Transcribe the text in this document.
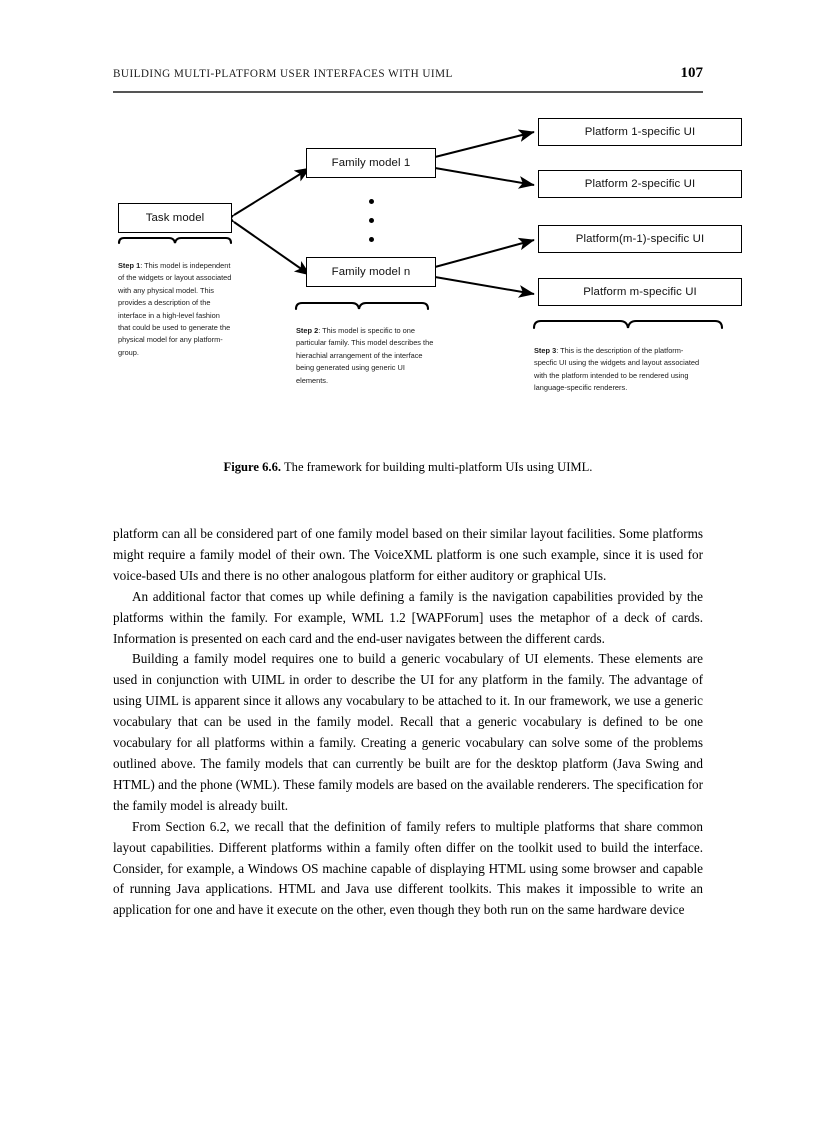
BUILDING MULTI-PLATFORM USER INTERFACES WITH UIML	107
Task model
Family model 1
Family model n
Platform 1-specific UI
Platform 2-specific UI
Platform(m-1)-specific UI
Platform m-specific UI
Step 1: This model is independent of the widgets or layout associated with any physical model. This provides a description of the interface in a high-level fashion that could be used to generate the physical model for any platform-group.
Step 2: This model is specific to one particular family. This model describes the hierachial arrangement of the interface being generated using generic UI elements.
Step 3: This is the description of the platform-specfic UI using the widgets and layout associated with the platform intended to be rendered using language-specific renderers.
Figure 6.6. The framework for building multi-platform UIs using UIML.

platform can all be considered part of one family model based on their similar layout facilities. Some platforms might require a family model of their own. The VoiceXML platform is one such example, since it is used for voice-based UIs and there is no other analogous platform for either auditory or graphical UIs.

An additional factor that comes up while defining a family is the navigation capabilities provided by the platforms within the family. For example, WML 1.2 [WAPForum] uses the metaphor of a deck of cards. Information is presented on each card and the end-user navigates between the different cards.

Building a family model requires one to build a generic vocabulary of UI elements. These elements are used in conjunction with UIML in order to describe the UI for any platform in the family. The advantage of using UIML is apparent since it allows any vocabulary to be attached to it. In our framework, we use a generic vocabulary that can be used in the family model. Recall that a generic vocabulary is defined to be one vocabulary for all platforms within a family. Creating a generic vocabulary can solve some of the problems outlined above. The family models that can currently be built are for the desktop platform (Java Swing and HTML) and the phone (WML). These family models are based on the available renderers. The specification for the family model is already built.

From Section 6.2, we recall that the definition of family refers to multiple platforms that share common layout capabilities. Different platforms within a family often differ on the toolkit used to build the interface. Consider, for example, a Windows OS machine capable of displaying HTML using some browser and capable of running Java applications. HTML and Java use different toolkits. This makes it impossible to write an application for one and have it execute on the other, even though they both run on the same hardware device
